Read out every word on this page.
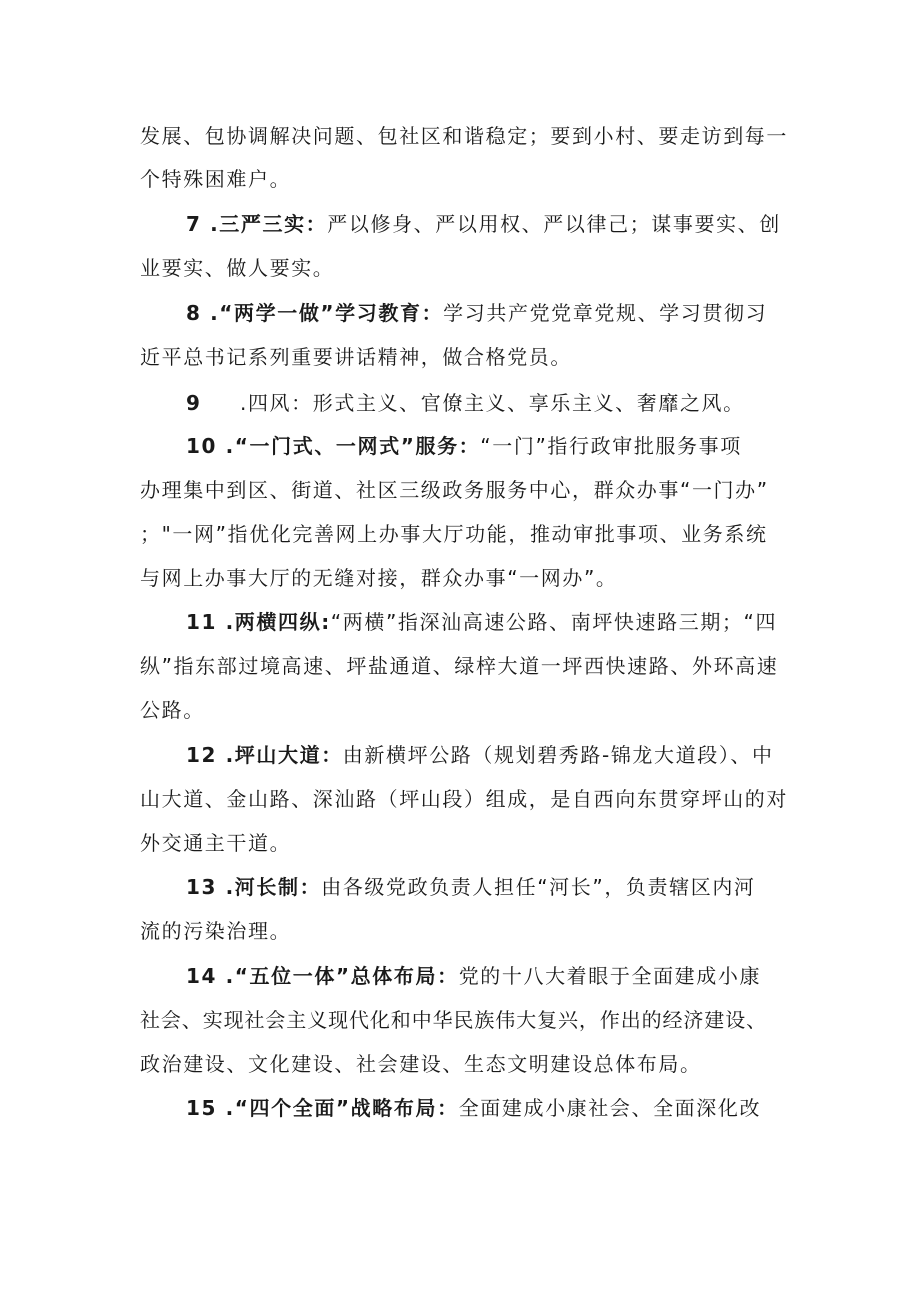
发展、包协调解决问题、包社区和谐稳定；要到小村、要走访到每一
个特殊困难户。
7 .三严三实：严以修身、严以用权、严以律己；谋事要实、创
业要实、做人要实。
8 .“两学一做”学习教育：学习共产党党章党规、学习贯彻习
近平总书记系列重要讲话精神，做合格党员。
9 .四风：形式主义、官僚主义、享乐主义、奢靡之风。
10 .“一门式、一网式”服务：“一门”指行政审批服务事项
办理集中到区、街道、社区三级政务服务中心，群众办事“一门办”
；"一网”指优化完善网上办事大厅功能，推动审批事项、业务系统
与网上办事大厅的无缝对接，群众办事“一网办”。
11 .两横四纵:“两横”指深汕高速公路、南坪快速路三期；“四
纵”指东部过境高速、坪盐通道、绿梓大道一坪西快速路、外环高速
公路。
12 .坪山大道：由新横坪公路（规划碧秀路-锦龙大道段）、中
山大道、金山路、深汕路（坪山段）组成，是自西向东贯穿坪山的对
外交通主干道。
13 .河长制：由各级党政负责人担任“河长”，负责辖区内河
流的污染治理。
14 .“五位一体”总体布局：党的十八大着眼于全面建成小康
社会、实现社会主义现代化和中华民族伟大复兴，作出的经济建设、
政治建设、文化建设、社会建设、生态文明建设总体布局。
15 .“四个全面”战略布局：全面建成小康社会、全面深化改
